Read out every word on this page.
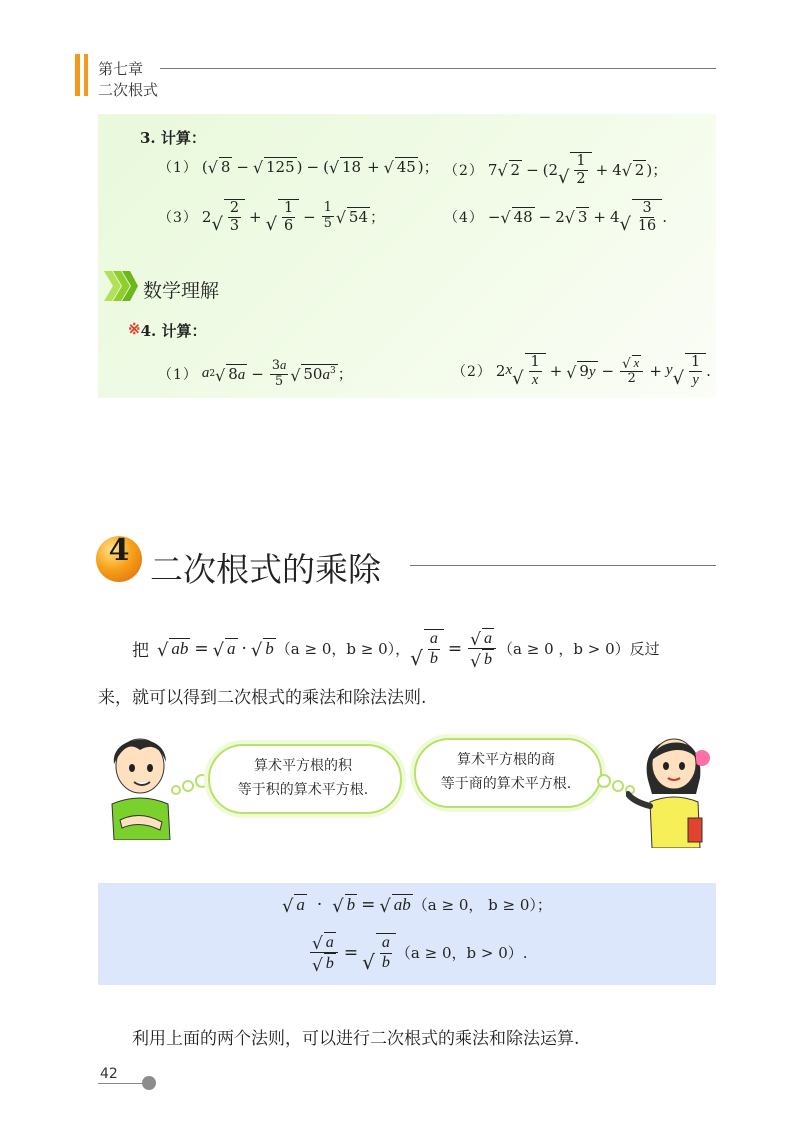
第七章
二次根式
3. 计算：
（1） ( √ 8 − √ 125 ) − ( √ 18 + √ 45 ) ； （2） 7 √ 2 − (2 √ $\frac{1}{2} + 4$ √ 2 ) ；
（3） 2 √ $\frac{2}{3}$ + √ $\frac{1}{6} - \frac{1}{5}$ √ 54 ；	（4） − √ 48 − 2 √ 3 + 4 √ $\frac{3}{16}$ .
数学理解
※ 4. 计算：
（1） a 2 √ $8a - \frac{3a}{5}$ √ $50a^3$ ；	（2） 2 x √ $\frac{1}{x}$ + √ $9y - \frac{√ x}{2} + y$ √ $\frac{1}{y}$ .
4 二次根式的乘除
把 √ ab = √ a · √ b （a ≥ 0，b ≥ 0）， √ $\frac{a}{b} = \frac{√ a}{√ b} (a \ge 0$ ，b > 0）反过
来，就可以得到二次根式的乘法和除法法则.
算术平方根的积
等于积的算术平方根.
算术平方根的商
等于商的算术平方根.
√ a · √ b = √ ab （a ≥ 0， b ≥ 0）；
$\frac{√ a}{√ b}$ = √ $\frac{a}{b} (a \ge 0$，b > 0）.
利用上面的两个法则，可以进行二次根式的乘法和除法运算.
42
